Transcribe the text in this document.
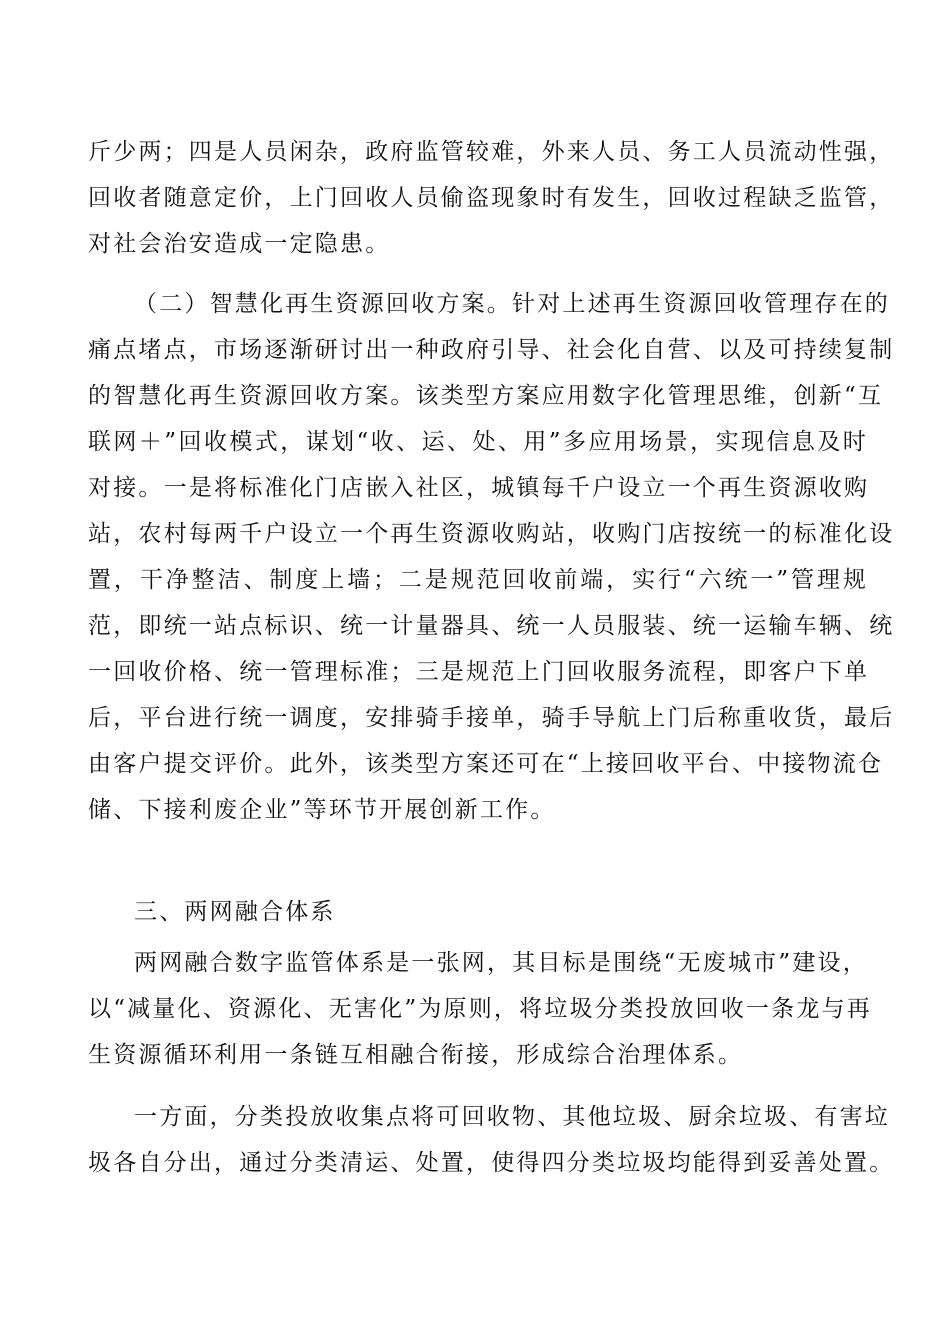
斤少两；四是人员闲杂，政府监管较难，外来人员、务工人员流动性强，
回收者随意定价，上门回收人员偷盗现象时有发生，回收过程缺乏监管，
对社会治安造成一定隐患。
（二）智慧化再生资源回收方案。针对上述再生资源回收管理存在的
痛点堵点，市场逐渐研讨出一种政府引导、社会化自营、以及可持续复制
的智慧化再生资源回收方案。该类型方案应用数字化管理思维，创新“互
联网＋”回收模式，谋划“收、运、处、用”多应用场景，实现信息及时
对接。一是将标准化门店嵌入社区，城镇每千户设立一个再生资源收购
站，农村每两千户设立一个再生资源收购站，收购门店按统一的标准化设
置，干净整洁、制度上墙；二是规范回收前端，实行“六统一”管理规
范，即统一站点标识、统一计量器具、统一人员服装、统一运输车辆、统
一回收价格、统一管理标准；三是规范上门回收服务流程，即客户下单
后，平台进行统一调度，安排骑手接单，骑手导航上门后称重收货，最后
由客户提交评价。此外，该类型方案还可在“上接回收平台、中接物流仓
储、下接利废企业”等环节开展创新工作。
三、两网融合体系
两网融合数字监管体系是一张网，其目标是围绕“无废城市”建设，
以“减量化、资源化、无害化”为原则，将垃圾分类投放回收一条龙与再
生资源循环利用一条链互相融合衔接，形成综合治理体系。
一方面，分类投放收集点将可回收物、其他垃圾、厨余垃圾、有害垃
圾各自分出，通过分类清运、处置，使得四分类垃圾均能得到妥善处置。
